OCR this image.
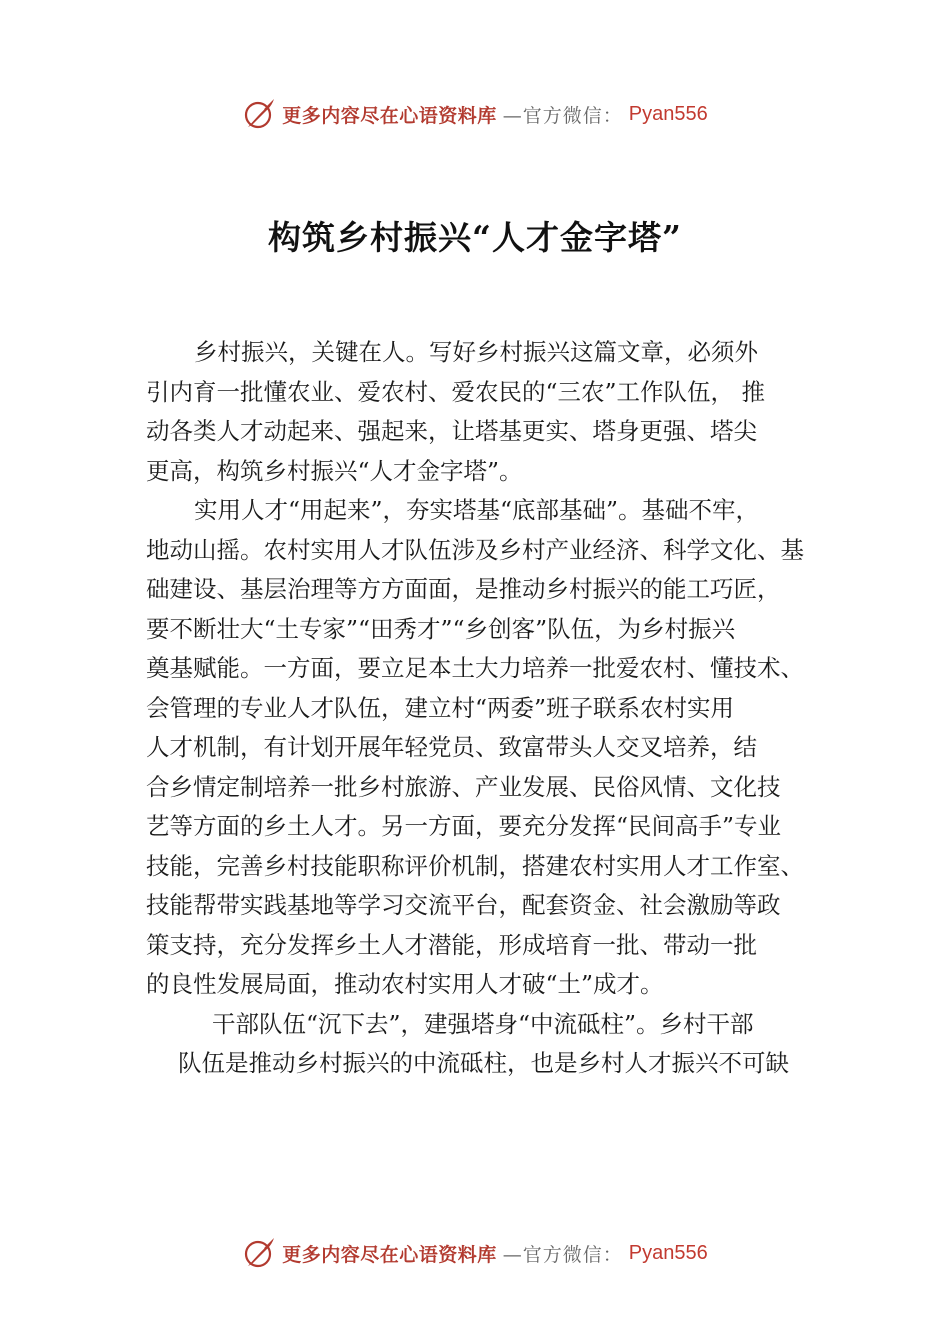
更多内容尽在心语资料库 —官方微信： Pyan556
构筑乡村振兴“人才金字塔”
乡村振兴，关键在人。写好乡村振兴这篇文章，必须外
引内育一批懂农业、爱农村、爱农民的“三农”工作队伍， 推
动各类人才动起来、强起来，让塔基更实、塔身更强、塔尖
更高，构筑乡村振兴“人才金字塔”。
实用人才“用起来”，夯实塔基“底部基础”。基础不牢，
地动山摇。农村实用人才队伍涉及乡村产业经济、科学文化、基
础建设、基层治理等方方面面，是推动乡村振兴的能工巧匠，
要不断壮大“土专家”“田秀才”“乡创客”队伍，为乡村振兴
奠基赋能。一方面，要立足本土大力培养一批爱农村、懂技术、
会管理的专业人才队伍，建立村“两委”班子联系农村实用
人才机制，有计划开展年轻党员、致富带头人交叉培养，结
合乡情定制培养一批乡村旅游、产业发展、民俗风情、文化技
艺等方面的乡土人才。另一方面，要充分发挥“民间高手”专业
技能，完善乡村技能职称评价机制，搭建农村实用人才工作室、
技能帮带实践基地等学习交流平台，配套资金、社会激励等政
策支持，充分发挥乡土人才潜能，形成培育一批、带动一批
的良性发展局面，推动农村实用人才破“土”成才。
干部队伍“沉下去”，建强塔身“中流砥柱”。乡村干部
队伍是推动乡村振兴的中流砥柱，也是乡村人才振兴不可缺
更多内容尽在心语资料库 —官方微信： Pyan556
